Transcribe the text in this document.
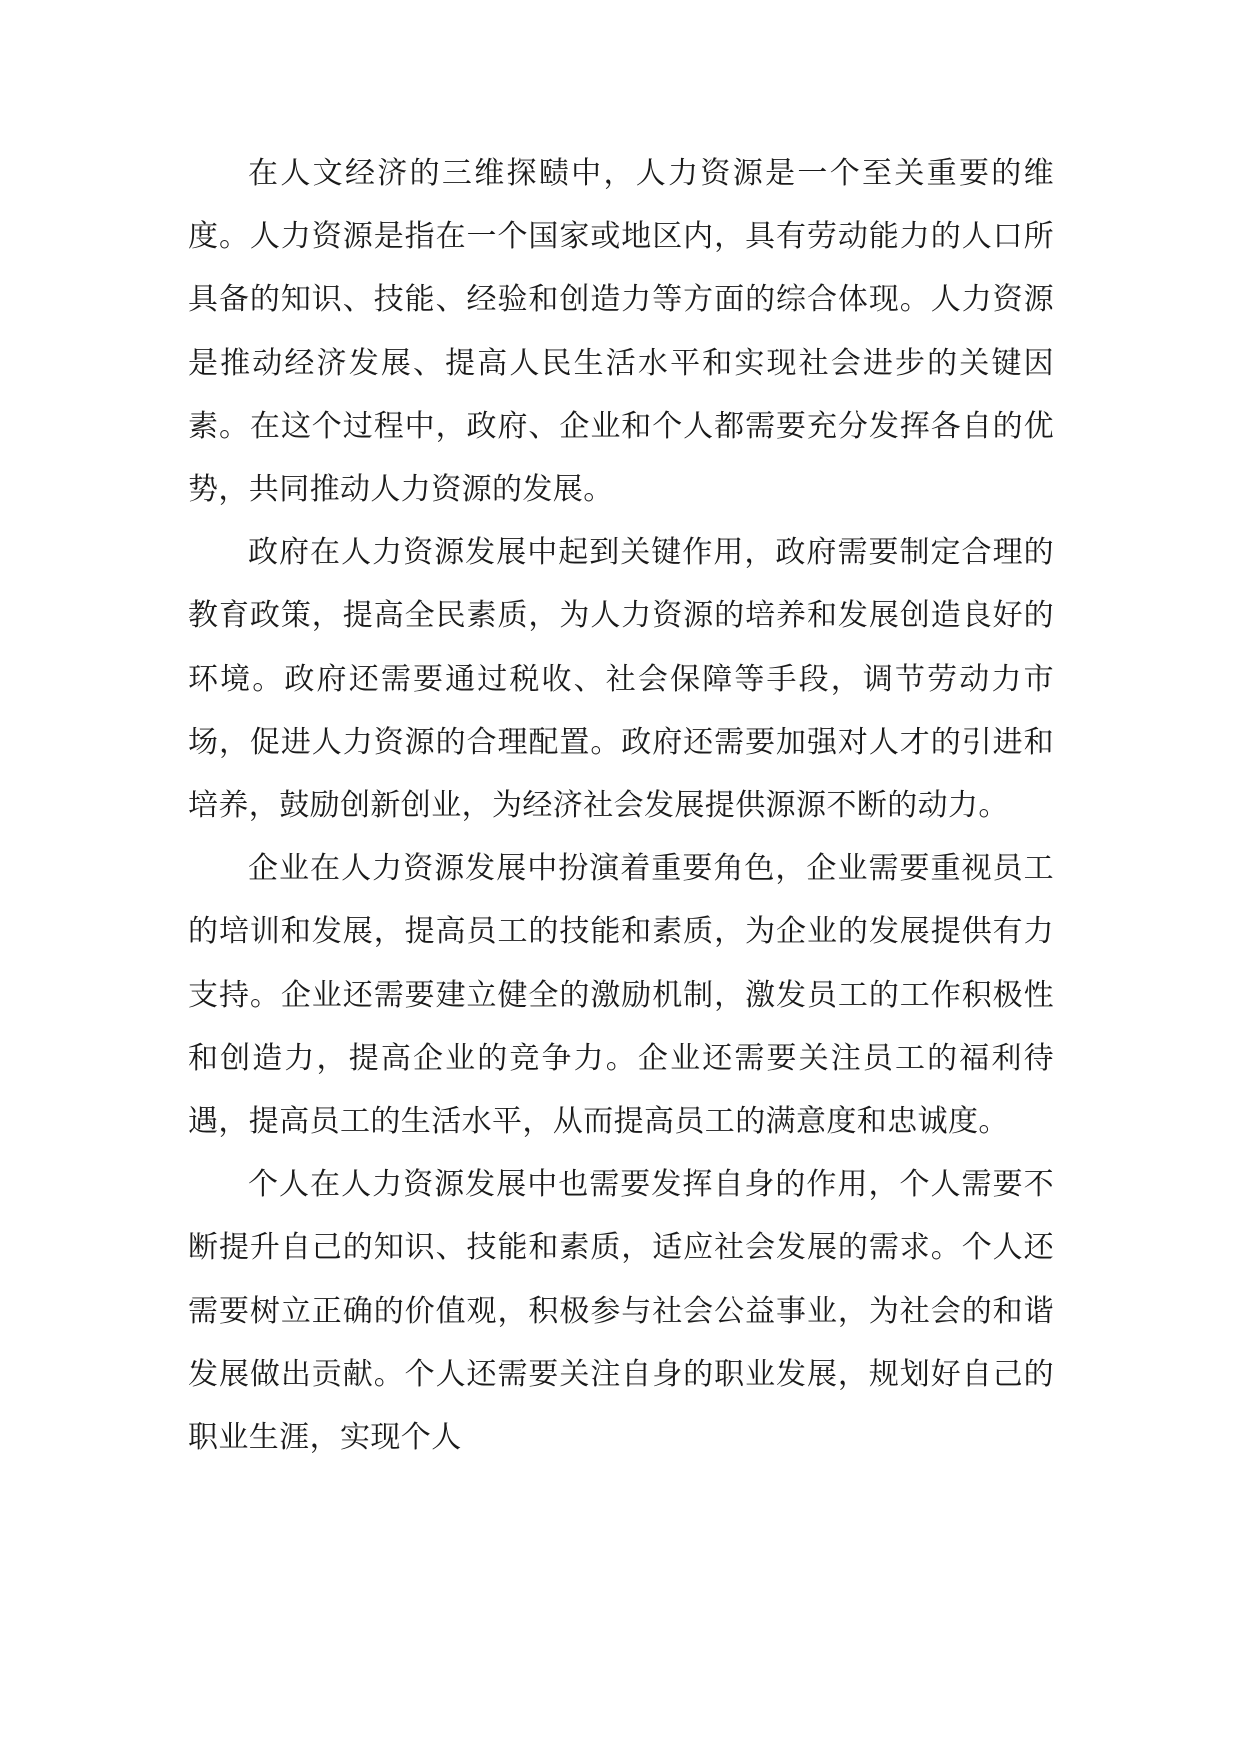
在人文经济的三维探赜中，人力资源是一个至关重要的维度。人力资源是指在一个国家或地区内，具有劳动能力的人口所具备的知识、技能、经验和创造力等方面的综合体现。人力资源是推动经济发展、提高人民生活水平和实现社会进步的关键因素。在这个过程中，政府、企业和个人都需要充分发挥各自的优势，共同推动人力资源的发展。

政府在人力资源发展中起到关键作用，政府需要制定合理的教育政策，提高全民素质，为人力资源的培养和发展创造良好的环境。政府还需要通过税收、社会保障等手段，调节劳动力市场，促进人力资源的合理配置。政府还需要加强对人才的引进和培养，鼓励创新创业，为经济社会发展提供源源不断的动力。

企业在人力资源发展中扮演着重要角色，企业需要重视员工的培训和发展，提高员工的技能和素质，为企业的发展提供有力支持。企业还需要建立健全的激励机制，激发员工的工作积极性和创造力，提高企业的竞争力。企业还需要关注员工的福利待遇，提高员工的生活水平，从而提高员工的满意度和忠诚度。

个人在人力资源发展中也需要发挥自身的作用，个人需要不断提升自己的知识、技能和素质，适应社会发展的需求。个人还需要树立正确的价值观，积极参与社会公益事业，为社会的和谐发展做出贡献。个人还需要关注自身的职业发展，规划好自己的职业生涯，实现个人
